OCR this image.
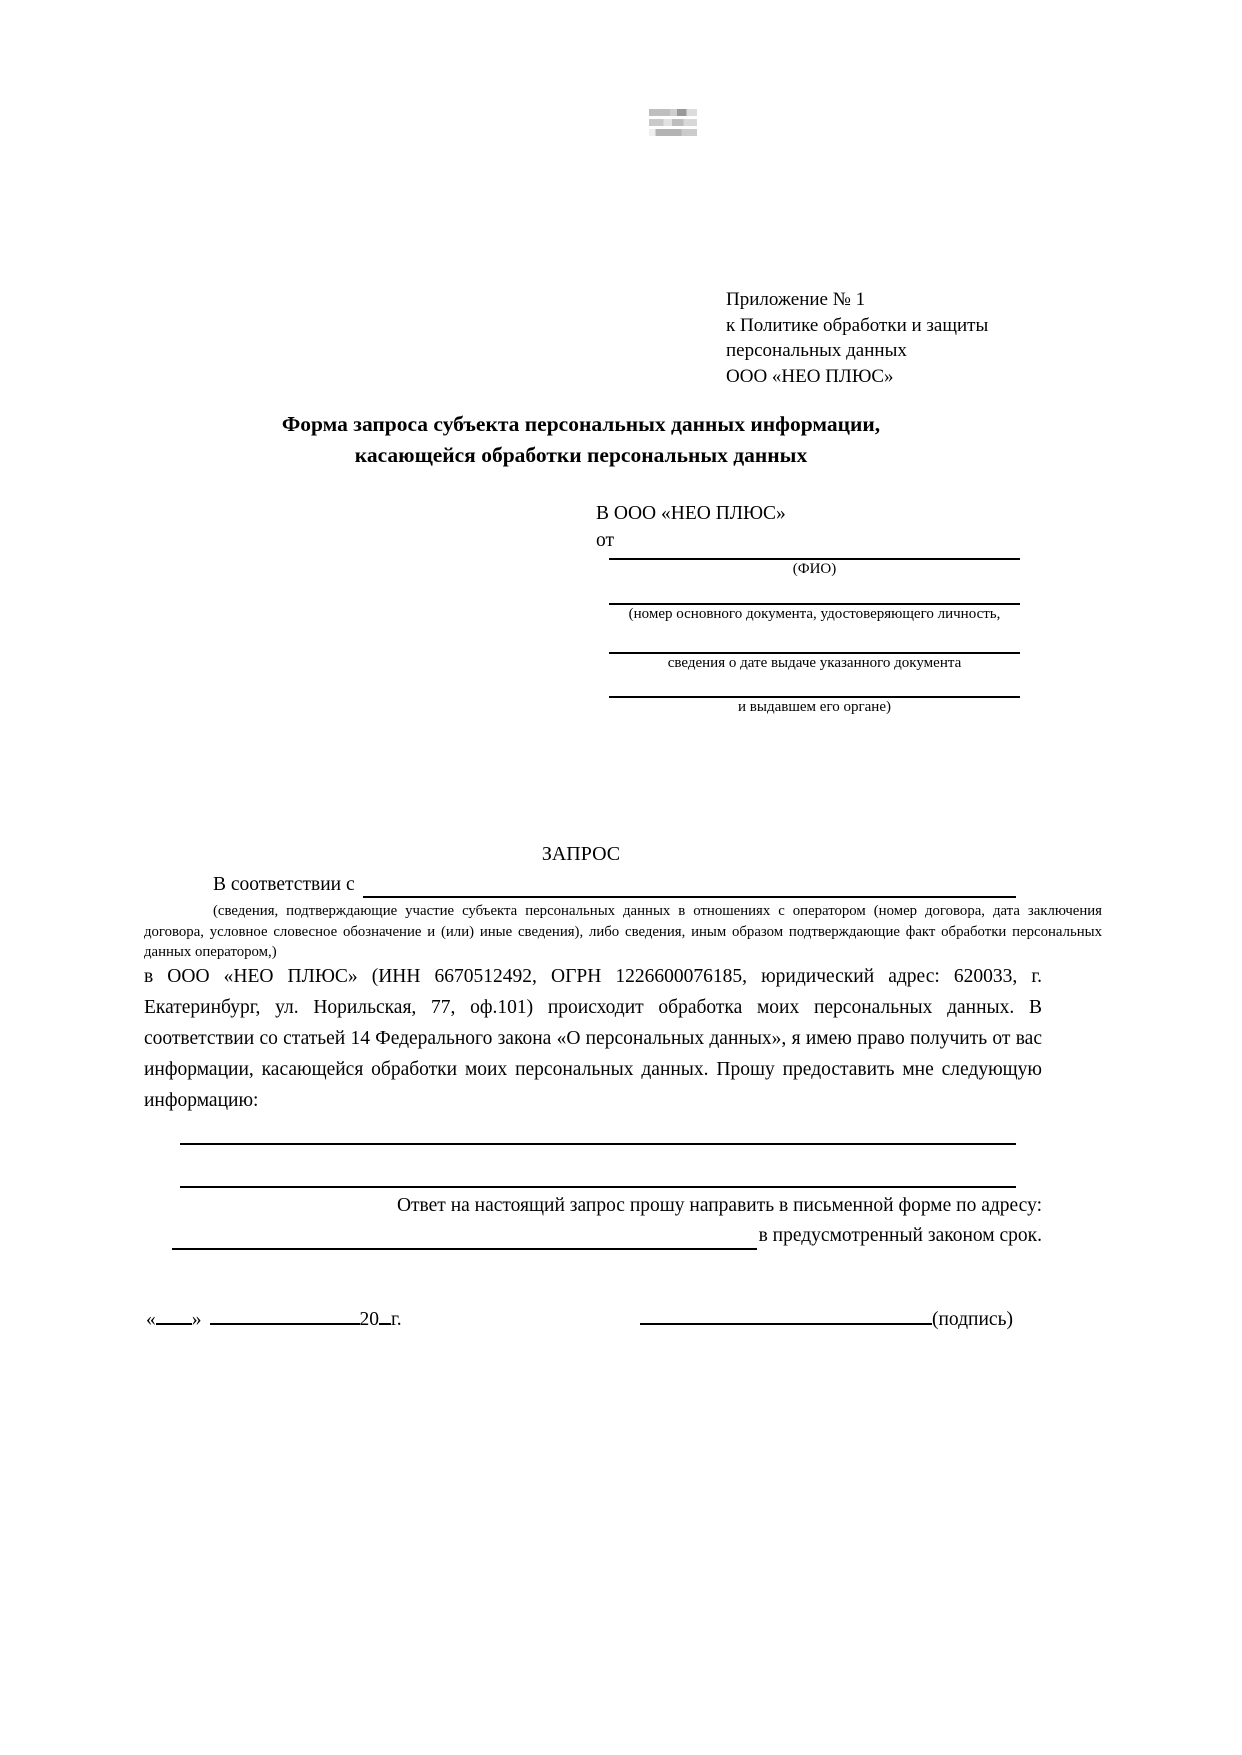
Приложение № 1
к Политике обработки и защиты
персональных данных
ООО «НЕО ПЛЮС»
Форма запроса субъекта персональных данных информации,
касающейся обработки персональных данных
В ООО «НЕО ПЛЮС»
от
(ФИО)
(номер основного документа, удостоверяющего личность,
сведения о дате выдаче указанного документа
и выдавшем его органе)
ЗАПРОС
В соответствии с
(сведения, подтверждающие участие субъекта персональных данных в отношениях с оператором (номер договора, дата заключения договора, условное словесное обозначение и (или) иные сведения), либо сведения, иным образом подтверждающие факт обработки персональных данных оператором,)
в ООО «НЕО ПЛЮС» (ИНН 6670512492, ОГРН 1226600076185, юридический адрес: 620033, г. Екатеринбург, ул. Норильская, 77, оф.101) происходит обработка моих персональных данных. В соответствии со статьей 14 Федерального закона «О персональных данных», я имею право получить от вас информации, касающейся обработки моих персональных данных. Прошу предоставить мне следующую информацию:
Ответ на настоящий запрос прошу направить в письменной форме по адресу:
в предусмотренный законом срок.
« »	20 г.	(подпись)
